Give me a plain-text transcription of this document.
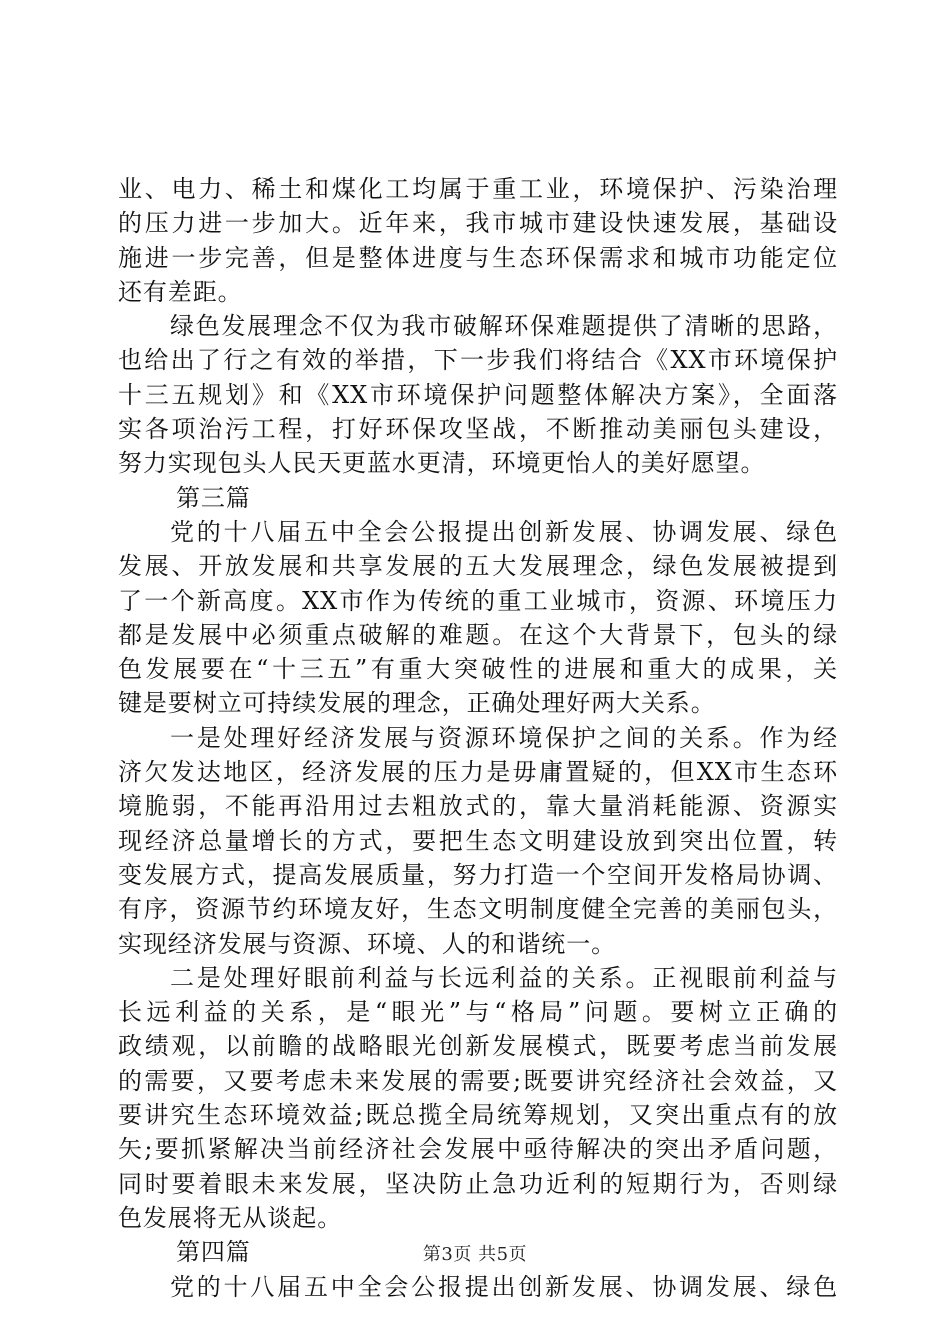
业、电力、稀土和煤化工均属于重工业，环境保护、污染治理
的压力进一步加大。近年来，我市城市建设快速发展，基础设
施进一步完善，但是整体进度与生态环保需求和城市功能定位
还有差距。
绿色发展理念不仅为我市破解环保难题提供了清晰的思路，
也给出了行之有效的举措，下一步我们将结合《XX市环境保护
十三五规划》和《XX市环境保护问题整体解决方案》，全面落
实各项治污工程，打好环保攻坚战，不断推动美丽包头建设，
努力实现包头人民天更蓝水更清，环境更怡人的美好愿望。
第三篇
党的十八届五中全会公报提出创新发展、协调发展、绿色
发展、开放发展和共享发展的五大发展理念，绿色发展被提到
了一个新高度。XX市作为传统的重工业城市，资源、环境压力
都是发展中必须重点破解的难题。在这个大背景下，包头的绿
色发展要在“十三五”有重大突破性的进展和重大的成果，关
键是要树立可持续发展的理念，正确处理好两大关系。
一是处理好经济发展与资源环境保护之间的关系。作为经
济欠发达地区，经济发展的压力是毋庸置疑的，但XX市生态环
境脆弱，不能再沿用过去粗放式的，靠大量消耗能源、资源实
现经济总量增长的方式，要把生态文明建设放到突出位置，转
变发展方式，提高发展质量，努力打造一个空间开发格局协调、
有序，资源节约环境友好，生态文明制度健全完善的美丽包头，
实现经济发展与资源、环境、人的和谐统一。
二是处理好眼前利益与长远利益的关系。正视眼前利益与
长远利益的关系，是“眼光”与“格局”问题。要树立正确的
政绩观，以前瞻的战略眼光创新发展模式，既要考虑当前发展
的需要，又要考虑未来发展的需要;既要讲究经济社会效益，又
要讲究生态环境效益;既总揽全局统筹规划，又突出重点有的放
矢;要抓紧解决当前经济社会发展中亟待解决的突出矛盾问题，
同时要着眼未来发展，坚决防止急功近利的短期行为，否则绿
色发展将无从谈起。
第四篇
党的十八届五中全会公报提出创新发展、协调发展、绿色
第3页 共5页
